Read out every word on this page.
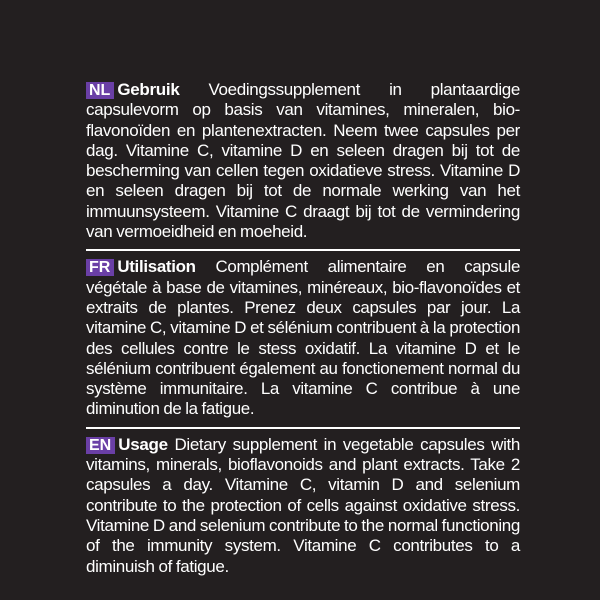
NL Gebruik Voedingssupplement in plantaardige capsulevorm op basis van vitamines, mineralen, bio-flavonoïden en plantenextracten. Neem twee capsules per dag. Vitamine C, vitamine D en seleen dragen bij tot de bescherming van cellen tegen oxidatieve stress. Vitamine D en seleen dragen bij tot de normale werking van het immuunsysteem. Vitamine C draagt bij tot de vermindering van vermoeidheid en moeheid.

FR Utilisation Complément alimentaire en capsule végétale à base de vitamines, minéreaux, bio-flavonoïdes et extraits de plantes. Prenez deux capsules par jour. La vitamine C, vitamine D et sélénium contribuent à la protection des cellules contre le stess oxidatif. La vitamine D et le sélénium contribuent également au fonctionement normal du système immunitaire. La vitamine C contribue à une diminution de la fatigue.

EN Usage Dietary supplement in vegetable capsules with vitamins, minerals, bioflavonoids and plant extracts. Take 2 capsules a day. Vitamine C, vitamin D and selenium contribute to the protection of cells against oxidative stress. Vitamine D and selenium contribute to the normal functioning of the immunity system. Vitamine C contributes to a diminuish of fatigue.
